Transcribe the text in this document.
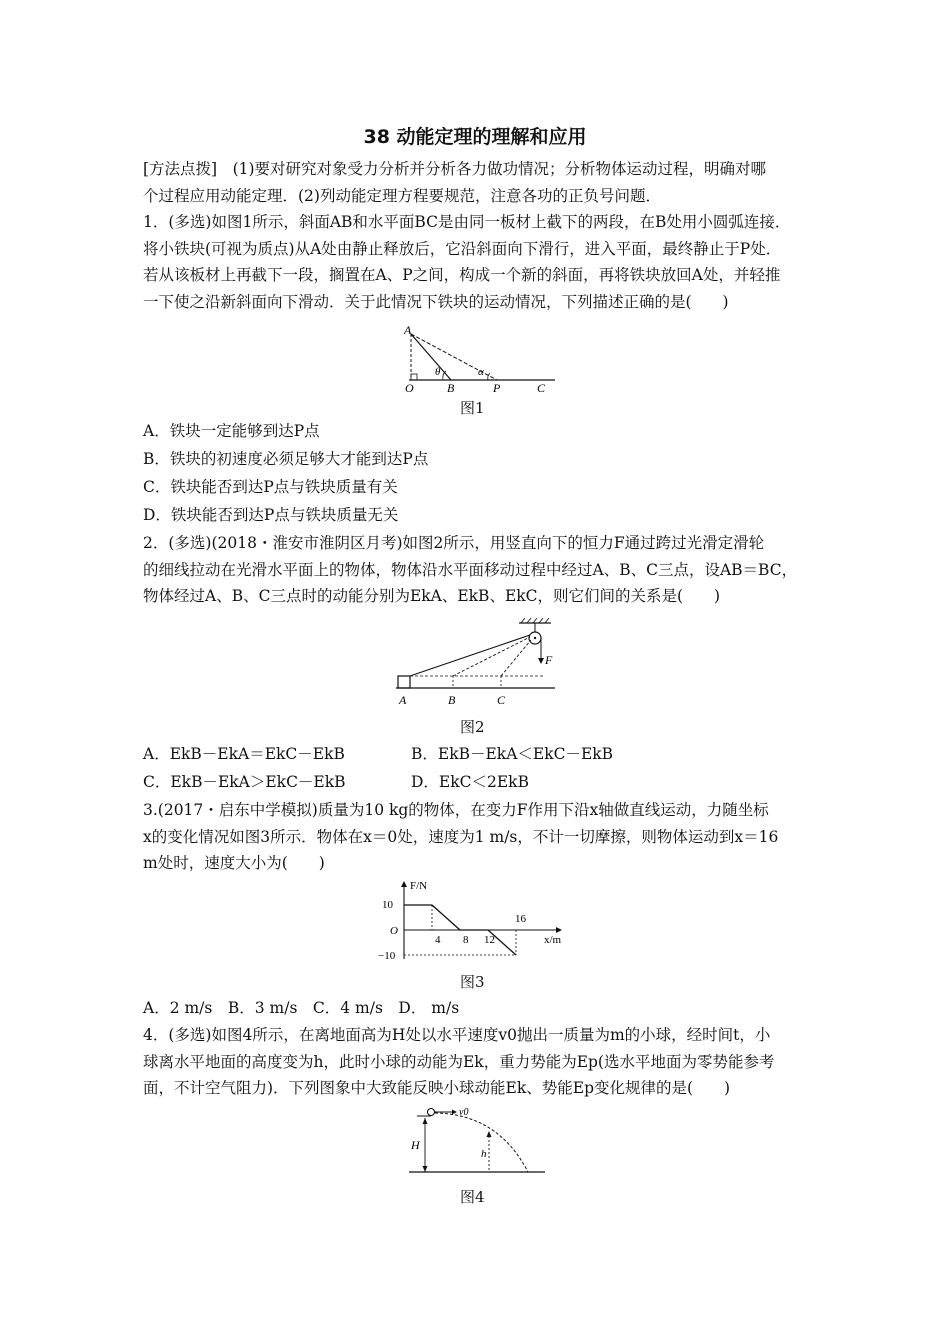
38 动能定理的理解和应用
[方法点拨]　(1)要对研究对象受力分析并分析各力做功情况；分析物体运动过程，明确对哪
个过程应用动能定理．(2)列动能定理方程要规范，注意各功的正负号问题．
1．(多选)如图1所示，斜面AB和水平面BC是由同一板材上截下的两段，在B处用小圆弧连接．
将小铁块(可视为质点)从A处由静止释放后，它沿斜面向下滑行，进入平面，最终静止于P处．
若从该板材上再截下一段，搁置在A、P之间，构成一个新的斜面，再将铁块放回A处，并轻推
一下使之沿新斜面向下滑动．关于此情况下铁块的运动情况，下列描述正确的是(　　)
A
O	B	P	C
θ	α
图1
A．铁块一定能够到达P点
B．铁块的初速度必须足够大才能到达P点
C．铁块能否到达P点与铁块质量有关
D．铁块能否到达P点与铁块质量无关
2．(多选)(2018・淮安市淮阴区月考)如图2所示，用竖直向下的恒力F通过跨过光滑定滑轮
的细线拉动在光滑水平面上的物体，物体沿水平面移动过程中经过A、B、C三点，设AB＝BC，
物体经过A、B、C三点时的动能分别为EkA、EkB、EkC，则它们间的关系是(　　)
F
A	B	C
图2
A．EkB－EkA＝EkC－EkB	B．EkB－EkA＜EkC－EkB
C．EkB－EkA＞EkC－EkB	D．EkC＜2EkB
3.(2017・启东中学模拟)质量为10 kg的物体，在变力F作用下沿x轴做直线运动，力随坐标
x的变化情况如图3所示．物体在x＝0处，速度为1 m/s，不计一切摩擦，则物体运动到x＝16
m处时，速度大小为(　　)
F/N
x/m
10
O
−10
4 8 12
16
图3
A．2 m/s　B．3 m/s　C．4 m/s　D． m/s
4．(多选)如图4所示，在离地面高为H处以水平速度v0抛出一质量为m的小球，经时间t，小
球离水平地面的高度变为h，此时小球的动能为Ek，重力势能为Ep(选水平地面为零势能参考
面，不计空气阻力)．下列图象中大致能反映小球动能Ek、势能Ep变化规律的是(　　)
v0
H
h
图4
